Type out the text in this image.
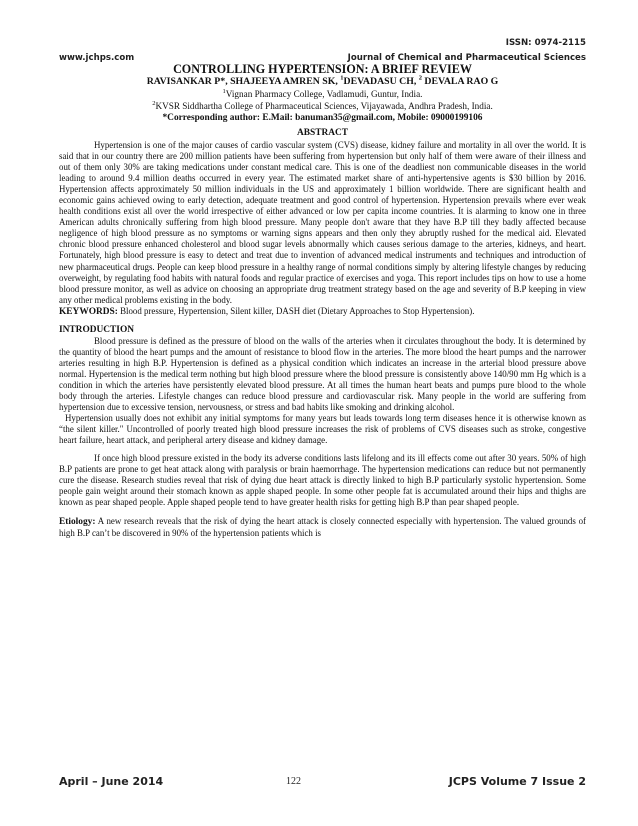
ISSN: 0974-2115
www.jchps.com	Journal of Chemical and Pharmaceutical Sciences

CONTROLLING HYPERTENSION: A BRIEF REVIEW

RAVISANKAR P*, SHAJEEYA AMREN SK, $^1$DEVADASU CH, $^2$ DEVALA RAO G

$^1$Vignan Pharmacy College, Vadlamudi, Guntur, India.

$^2$KVSR Siddhartha College of Pharmaceutical Sciences, Vijayawada, Andhra Pradesh, India.

*Corresponding author: E.Mail: banuman35@gmail.com, Mobile: 09000199106

ABSTRACT

Hypertension is one of the major causes of cardio vascular system (CVS) disease, kidney failure and mortality in all over the world. It is said that in our country there are 200 million patients have been suffering from hypertension but only half of them were aware of their illness and out of them only 30% are taking medications under constant medical care. This is one of the deadliest non communicable diseases in the world leading to around 9.4 million deaths occurred in every year. The estimated market share of anti-hypertensive agents is $30 billion by 2016. Hypertension affects approximately 50 million individuals in the US and approximately 1 billion worldwide. There are significant health and economic gains achieved owing to early detection, adequate treatment and good control of hypertension. Hypertension prevails where ever weak health conditions exist all over the world irrespective of either advanced or low per capita income countries. It is alarming to know one in three American adults chronically suffering from high blood pressure. Many people don't aware that they have B.P till they badly affected because negligence of high blood pressure as no symptoms or warning signs appears and then only they abruptly rushed for the medical aid. Elevated chronic blood pressure enhanced cholesterol and blood sugar levels abnormally which causes serious damage to the arteries, kidneys, and heart. Fortunately, high blood pressure is easy to detect and treat due to invention of advanced medical instruments and techniques and introduction of new pharmaceutical drugs. People can keep blood pressure in a healthy range of normal conditions simply by altering lifestyle changes by reducing overweight, by regulating food habits with natural foods and regular practice of exercises and yoga. This report includes tips on how to use a home blood pressure monitor, as well as advice on choosing an appropriate drug treatment strategy based on the age and severity of B.P keeping in view any other medical problems existing in the body.

KEYWORDS: Blood pressure, Hypertension, Silent killer, DASH diet (Dietary Approaches to Stop Hypertension).

INTRODUCTION

Blood pressure is defined as the pressure of blood on the walls of the arteries when it circulates throughout the body. It is determined by the quantity of blood the heart pumps and the amount of resistance to blood flow in the arteries. The more blood the heart pumps and the narrower arteries resulting in high B.P. Hypertension is defined as a physical condition which indicates an increase in the arterial blood pressure above normal. Hypertension is the medical term nothing but high blood pressure where the blood pressure is consistently above 140/90 mm Hg which is a condition in which the arteries have persistently elevated blood pressure. At all times the human heart beats and pumps pure blood to the whole body through the arteries. Lifestyle changes can reduce blood pressure and cardiovascular risk. Many people in the world are suffering from hypertension due to excessive tension, nervousness, or stress and bad habits like smoking and drinking alcohol.

Hypertension usually does not exhibit any initial symptoms for many years but leads towards long term diseases hence it is otherwise known as “the silent killer." Uncontrolled of poorly treated high blood pressure increases the risk of problems of CVS diseases such as stroke, congestive heart failure, heart attack, and peripheral artery disease and kidney damage.

If once high blood pressure existed in the body its adverse conditions lasts lifelong and its ill effects come out after 30 years. 50% of high B.P patients are prone to get heat attack along with paralysis or brain haemorrhage. The hypertension medications can reduce but not permanently cure the disease. Research studies reveal that risk of dying due heart attack is directly linked to high B.P particularly systolic hypertension. Some people gain weight around their stomach known as apple shaped people. In some other people fat is accumulated around their hips and thighs are known as pear shaped people. Apple shaped people tend to have greater health risks for getting high B.P than pear shaped people.

Etiology: A new research reveals that the risk of dying the heart attack is closely connected especially with hypertension. The valued grounds of high B.P can’t be discovered in 90% of the hypertension patients which is

April – June 2014	122	JCPS Volume 7 Issue 2
